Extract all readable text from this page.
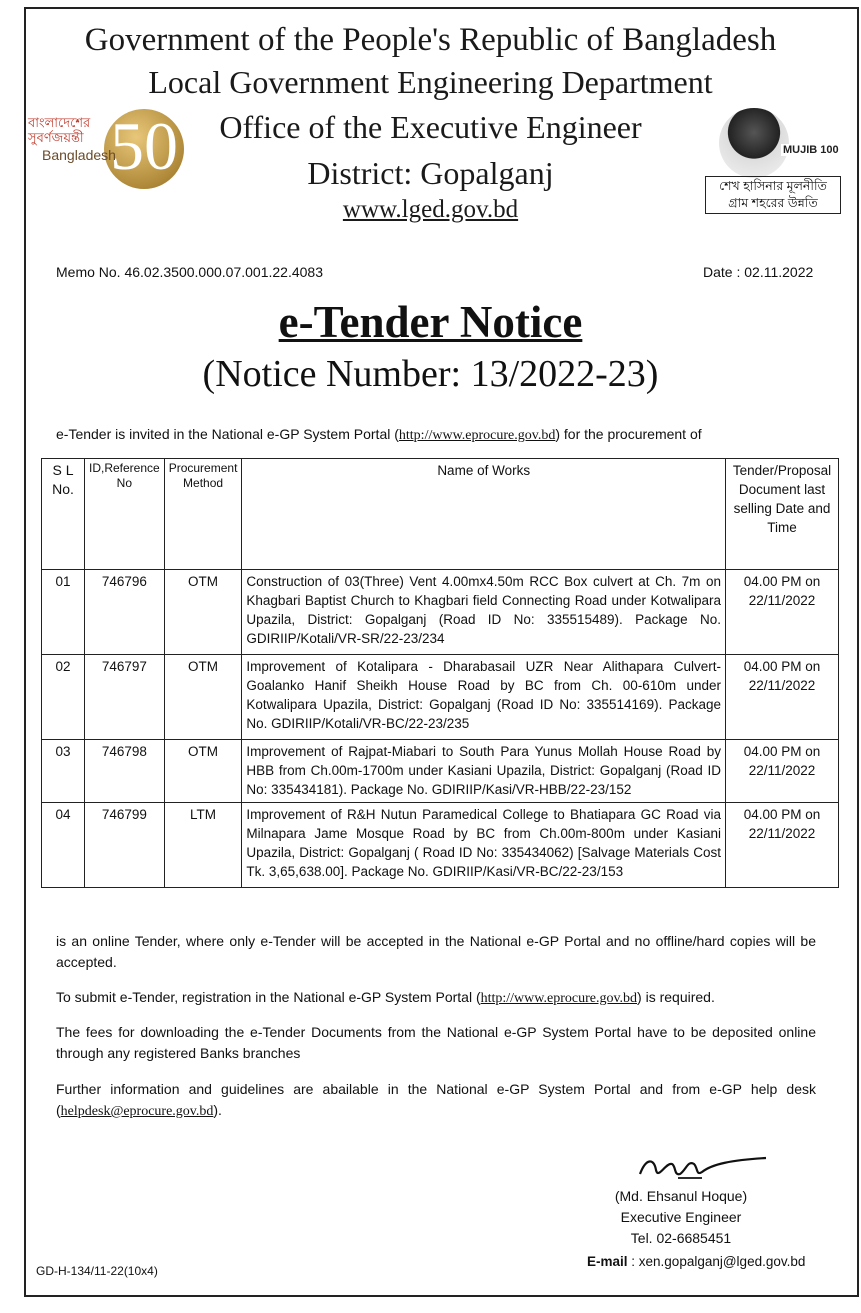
Government of the People's Republic of Bangladesh
Local Government Engineering Department
Office of the Executive Engineer
District: Gopalganj
www.lged.gov.bd
50
বাংলাদেশের সুবর্ণজয়ন্তী
Bangladesh	MUJIB 100
শেখ হাসিনার মূলনীতি
গ্রাম শহরের উন্নতি
Memo No. 46.02.3500.000.07.001.22.4083	Date : 02.11.2022
e-Tender Notice
(Notice Number: 13/2022-23)
e-Tender is invited in the National e-GP System Portal (http://www.eprocure.gov.bd) for the procurement of
S L No.	ID,Reference No	Procurement Method	Name of Works	Tender/Proposal Document last selling Date and Time
01	746796	OTM	Construction of 03(Three) Vent 4.00mx4.50m RCC Box culvert at Ch. 7m on Khagbari Baptist Church to Khagbari field Connecting Road under Kotwalipara Upazila, District: Gopalganj (Road ID No: 335515489). Package No. GDIRIIP/Kotali/VR-SR/22-23/234	04.00 PM on 22/11/2022
02	746797	OTM	Improvement of Kotalipara - Dharabasail UZR Near Alithapara Culvert-Goalanko Hanif Sheikh House Road by BC from Ch. 00-610m under Kotwalipara Upazila, District: Gopalganj (Road ID No: 335514169). Package No. GDIRIIP/Kotali/VR-BC/22-23/235	04.00 PM on 22/11/2022
03	746798	OTM	Improvement of Rajpat-Miabari to South Para Yunus Mollah House Road by HBB from Ch.00m-1700m under Kasiani Upazila, District: Gopalganj (Road ID No: 335434181). Package No. GDIRIIP/Kasi/VR-HBB/22-23/152	04.00 PM on 22/11/2022
04	746799	LTM	Improvement of R&H Nutun Paramedical College to Bhatiapara GC Road via Milnapara Jame Mosque Road by BC from Ch.00m-800m under Kasiani Upazila, District: Gopalganj ( Road ID No: 335434062) [Salvage Materials Cost Tk. 3,65,638.00]. Package No. GDIRIIP/Kasi/VR-BC/22-23/153	04.00 PM on 22/11/2022
is an online Tender, where only e-Tender will be accepted in the National e-GP Portal and no offline/hard copies will be accepted.
To submit e-Tender, registration in the National e-GP System Portal (http://www.eprocure.gov.bd) is required.
The fees for downloading the e-Tender Documents from the National e-GP System Portal have to be deposited online through any registered Banks branches
Further information and guidelines are abailable in the National e-GP System Portal and from e-GP help desk (helpdesk@eprocure.gov.bd).
(Md. Ehsanul Hoque)
Executive Engineer
Tel. 02-6685451
E-mail : xen.gopalganj@lged.gov.bd
GD-H-134/11-22(10x4)
